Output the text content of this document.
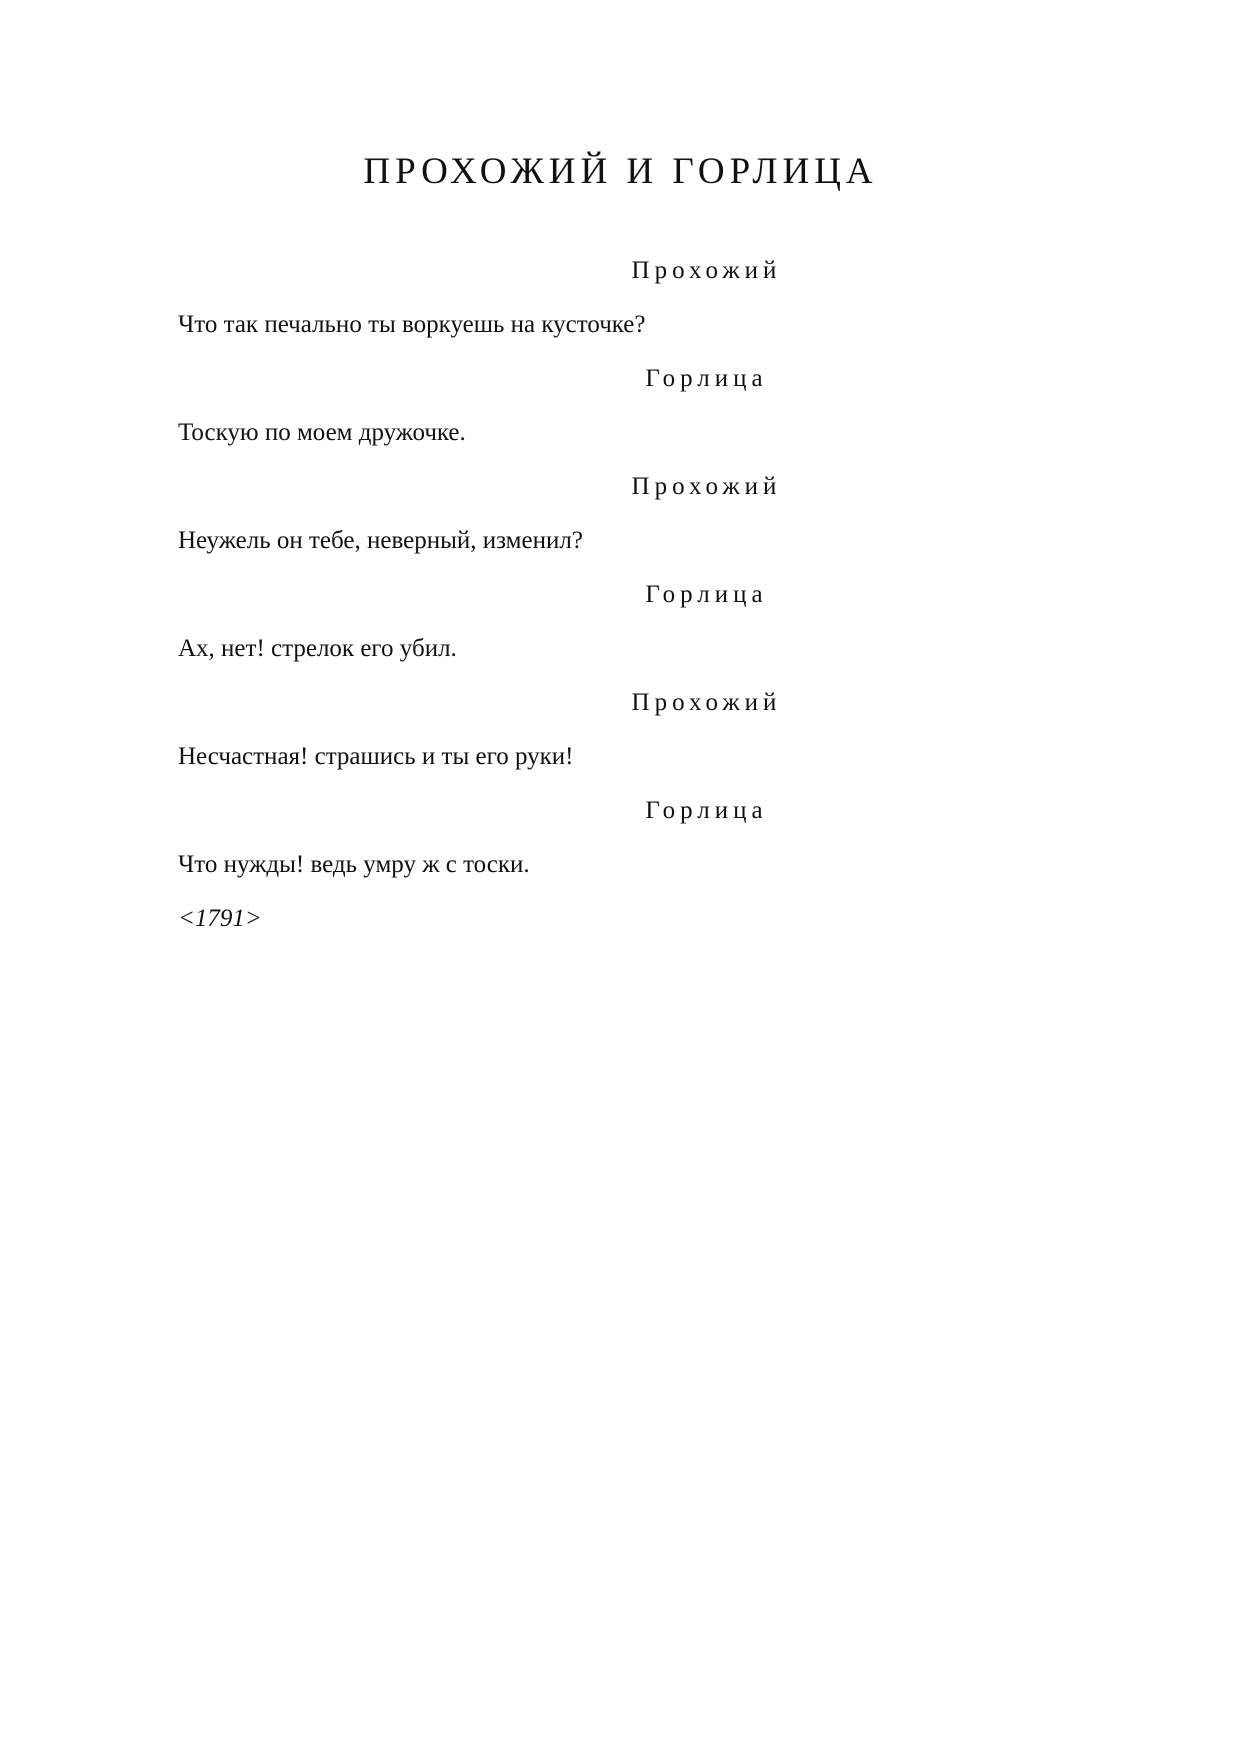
ПРОХОЖИЙ И ГОРЛИЦА
Прохожий
Что так печально ты воркуешь на кусточке?
Горлица
Тоскую по моем дружочке.
Прохожий
Неужель он тебе, неверный, изменил?
Горлица
Ах, нет! стрелок его убил.
Прохожий
Несчастная! страшись и ты его руки!
Горлица
Что нужды! ведь умру ж с тоски.
<1791>
